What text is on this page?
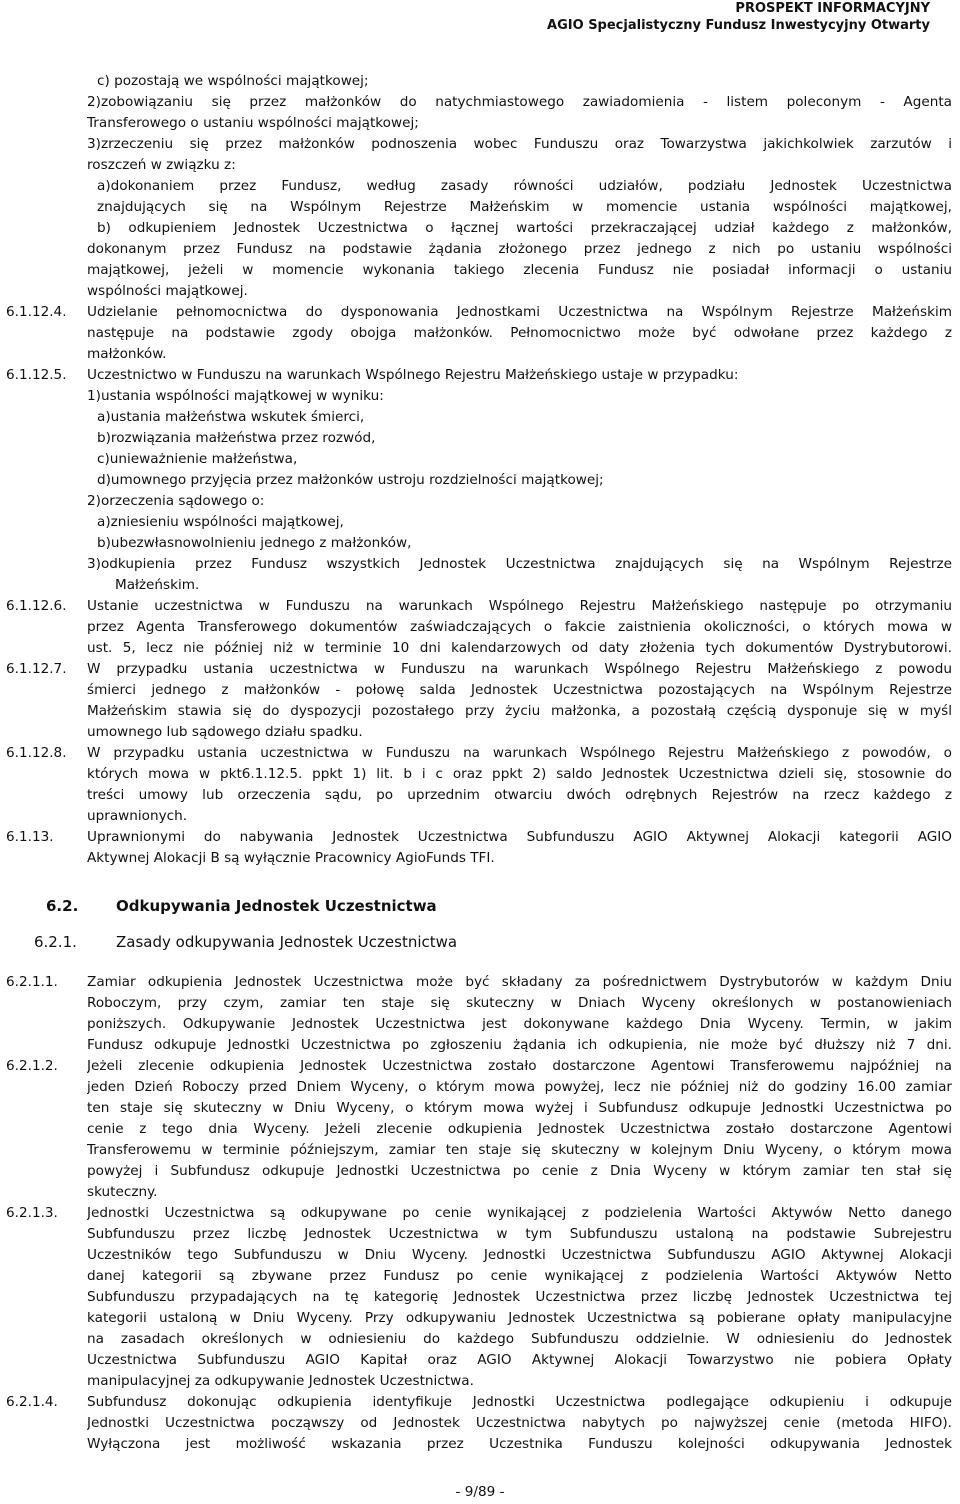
PROSPEKT INFORMACYJNY
AGIO Specjalistyczny Fundusz Inwestycyjny Otwarty
c) pozostają we wspólności majątkowej;
2)zobowiązaniu się przez małżonków do natychmiastowego zawiadomienia - listem poleconym - Agenta
Transferowego o ustaniu wspólności majątkowej;
3)zrzeczeniu się przez małżonków podnoszenia wobec Funduszu oraz Towarzystwa jakichkolwiek zarzutów i
roszczeń w związku z:
a)dokonaniem przez Fundusz, według zasady równości udziałów, podziału Jednostek Uczestnictwa
znajdujących się na Wspólnym Rejestrze Małżeńskim w momencie ustania wspólności majątkowej,
b) odkupieniem Jednostek Uczestnictwa o łącznej wartości przekraczającej udział każdego z małżonków,
dokonanym przez Fundusz na podstawie żądania złożonego przez jednego z nich po ustaniu wspólności
majątkowej, jeżeli w momencie wykonania takiego zlecenia Fundusz nie posiadał informacji o ustaniu
wspólności majątkowej.
6.1.12.4. Udzielanie pełnomocnictwa do dysponowania Jednostkami Uczestnictwa na Wspólnym Rejestrze Małżeńskim
następuje na podstawie zgody obojga małżonków. Pełnomocnictwo może być odwołane przez każdego z
małżonków.
6.1.12.5. Uczestnictwo w Funduszu na warunkach Wspólnego Rejestru Małżeńskiego ustaje w przypadku:
1)ustania wspólności majątkowej w wyniku:
a)ustania małżeństwa wskutek śmierci,
b)rozwiązania małżeństwa przez rozwód,
c)unieważnienie małżeństwa,
d)umownego przyjęcia przez małżonków ustroju rozdzielności majątkowej;
2)orzeczenia sądowego o:
a)zniesieniu wspólności majątkowej,
b)ubezwłasnowolnieniu jednego z małżonków,
3)odkupienia przez Fundusz wszystkich Jednostek Uczestnictwa znajdujących się na Wspólnym Rejestrze
Małżeńskim.
6.1.12.6. Ustanie uczestnictwa w Funduszu na warunkach Wspólnego Rejestru Małżeńskiego następuje po otrzymaniu
przez Agenta Transferowego dokumentów zaświadczających o fakcie zaistnienia okoliczności, o których mowa w
ust. 5, lecz nie później niż w terminie 10 dni kalendarzowych od daty złożenia tych dokumentów Dystrybutorowi.
6.1.12.7. W przypadku ustania uczestnictwa w Funduszu na warunkach Wspólnego Rejestru Małżeńskiego z powodu
śmierci jednego z małżonków - połowę salda Jednostek Uczestnictwa pozostających na Wspólnym Rejestrze
Małżeńskim stawia się do dyspozycji pozostałego przy życiu małżonka, a pozostałą częścią dysponuje się w myśl
umownego lub sądowego działu spadku.
6.1.12.8. W przypadku ustania uczestnictwa w Funduszu na warunkach Wspólnego Rejestru Małżeńskiego z powodów, o
których mowa w pkt6.1.12.5. ppkt 1) lit. b i c oraz ppkt 2) saldo Jednostek Uczestnictwa dzieli się, stosownie do
treści umowy lub orzeczenia sądu, po uprzednim otwarciu dwóch odrębnych Rejestrów na rzecz każdego z
uprawnionych.
6.1.13. Uprawnionymi do nabywania Jednostek Uczestnictwa Subfunduszu AGIO Aktywnej Alokacji kategorii AGIO
Aktywnej Alokacji B są wyłącznie Pracownicy AgioFunds TFI.
6.2.	Odkupywania Jednostek Uczestnictwa
6.2.1.	Zasady odkupywania Jednostek Uczestnictwa
6.2.1.1. Zamiar odkupienia Jednostek Uczestnictwa może być składany za pośrednictwem Dystrybutorów w każdym Dniu
Roboczym, przy czym, zamiar ten staje się skuteczny w Dniach Wyceny określonych w postanowieniach
poniższych. Odkupywanie Jednostek Uczestnictwa jest dokonywane każdego Dnia Wyceny. Termin, w jakim
Fundusz odkupuje Jednostki Uczestnictwa po zgłoszeniu żądania ich odkupienia, nie może być dłuższy niż 7 dni.
6.2.1.2. Jeżeli zlecenie odkupienia Jednostek Uczestnictwa zostało dostarczone Agentowi Transferowemu najpóźniej na
jeden Dzień Roboczy przed Dniem Wyceny, o którym mowa powyżej, lecz nie później niż do godziny 16.00 zamiar
ten staje się skuteczny w Dniu Wyceny, o którym mowa wyżej i Subfundusz odkupuje Jednostki Uczestnictwa po
cenie z tego dnia Wyceny. Jeżeli zlecenie odkupienia Jednostek Uczestnictwa zostało dostarczone Agentowi
Transferowemu w terminie późniejszym, zamiar ten staje się skuteczny w kolejnym Dniu Wyceny, o którym mowa
powyżej i Subfundusz odkupuje Jednostki Uczestnictwa po cenie z Dnia Wyceny w którym zamiar ten stał się
skuteczny.
6.2.1.3. Jednostki Uczestnictwa są odkupywane po cenie wynikającej z podzielenia Wartości Aktywów Netto danego
Subfunduszu przez liczbę Jednostek Uczestnictwa w tym Subfunduszu ustaloną na podstawie Subrejestru
Uczestników tego Subfunduszu w Dniu Wyceny. Jednostki Uczestnictwa Subfunduszu AGIO Aktywnej Alokacji
danej kategorii są zbywane przez Fundusz po cenie wynikającej z podzielenia Wartości Aktywów Netto
Subfunduszu przypadających na tę kategorię Jednostek Uczestnictwa przez liczbę Jednostek Uczestnictwa tej
kategorii ustaloną w Dniu Wyceny. Przy odkupywaniu Jednostek Uczestnictwa są pobierane opłaty manipulacyjne
na zasadach określonych w odniesieniu do każdego Subfunduszu oddzielnie. W odniesieniu do Jednostek
Uczestnictwa Subfunduszu AGIO Kapitał oraz AGIO Aktywnej Alokacji Towarzystwo nie pobiera Opłaty
manipulacyjnej za odkupywanie Jednostek Uczestnictwa.
6.2.1.4. Subfundusz dokonując odkupienia identyfikuje Jednostki Uczestnictwa podlegające odkupieniu i odkupuje
Jednostki Uczestnictwa począwszy od Jednostek Uczestnictwa nabytych po najwyższej cenie (metoda HIFO).
Wyłączona jest możliwość wskazania przez Uczestnika Funduszu kolejności odkupywania Jednostek
- 9/89 -
